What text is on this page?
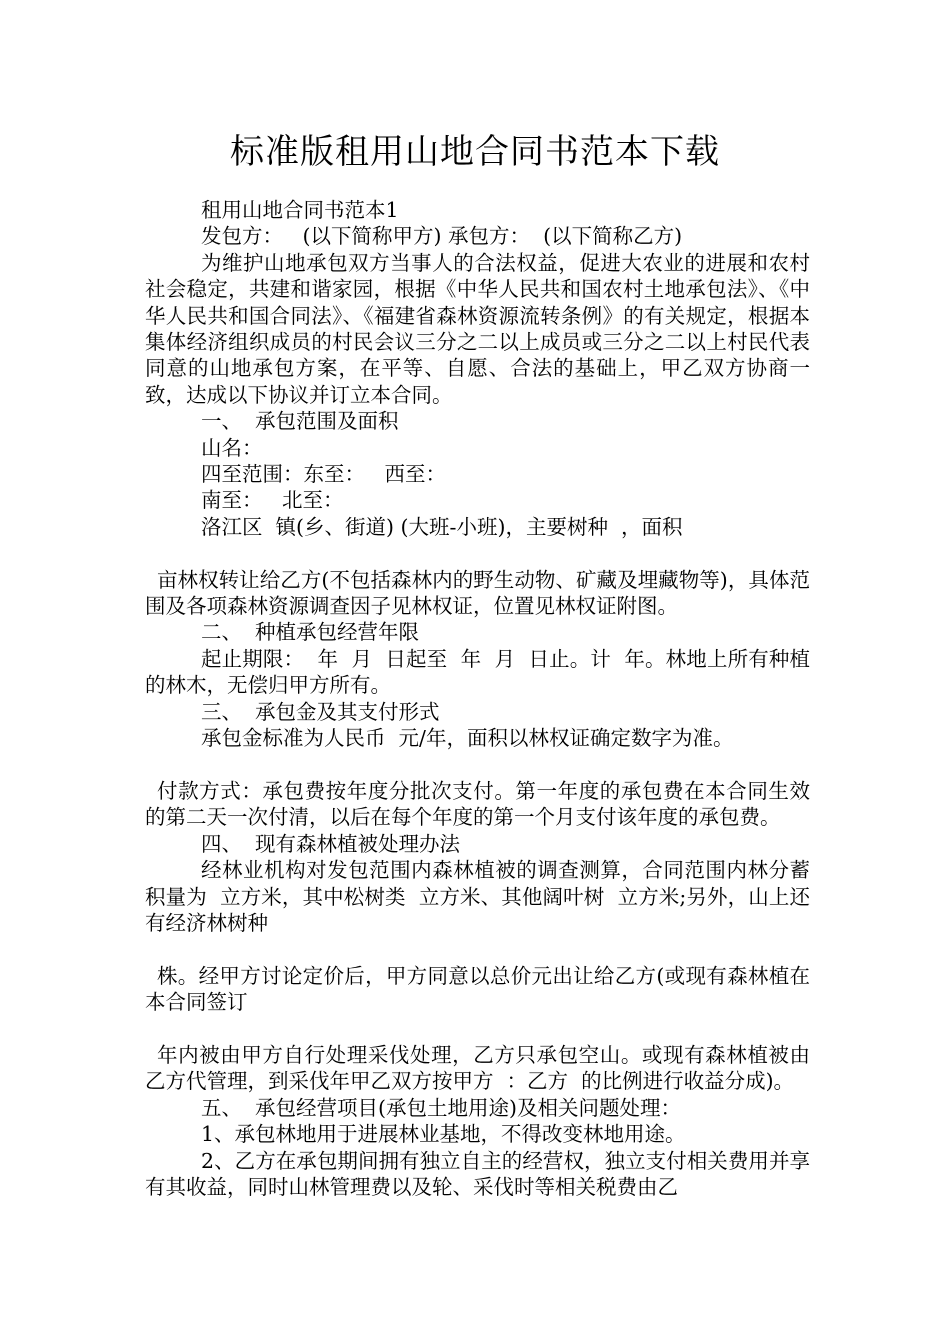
标准版租用山地合同书范本下载

租用山地合同书范本1

发包方：   (以下简称甲方) 承包方：  (以下简称乙方)

为维护山地承包双方当事人的合法权益，促进大农业的进展和农村社会稳定，共建和谐家园，根据《中华人民共和国农村土地承包法》、《中华人民共和国合同法》、《福建省森林资源流转条例》的有关规定，根据本集体经济组织成员的村民会议三分之二以上成员或三分之二以上村民代表同意的山地承包方案，在平等、自愿、合法的基础上，甲乙双方协商一致，达成以下协议并订立本合同。

一、  承包范围及面积

山名：

四至范围：东至：   西至：

南至：   北至：

洛江区  镇(乡、街道) (大班-小班)，主要树种  ，面积

亩林权转让给乙方(不包括森林内的野生动物、矿藏及埋藏物等)，具体范围及各项森林资源调查因子见林权证，位置见林权证附图。

二、  种植承包经营年限

起止期限：  年  月  日起至  年  月  日止。计  年。林地上所有种植的林木，无偿归甲方所有。

三、  承包金及其支付形式

承包金标准为人民币  元/年，面积以林权证确定数字为准。

付款方式：承包费按年度分批次支付。第一年度的承包费在本合同生效的第二天一次付清，以后在每个年度的第一个月支付该年度的承包费。

四、  现有森林植被处理办法

经林业机构对发包范围内森林植被的调查测算，合同范围内林分蓄积量为  立方米，其中松树类  立方米、其他阔叶树  立方米;另外，山上还有经济林树种

株。经甲方讨论定价后，甲方同意以总价元出让给乙方(或现有森林植在本合同签订

年内被由甲方自行处理采伐处理，乙方只承包空山。或现有森林植被由乙方代管理，到采伐年甲乙双方按甲方  ：乙方  的比例进行收益分成)。

五、  承包经营项目(承包土地用途)及相关问题处理：

1、承包林地用于进展林业基地，不得改变林地用途。

2、乙方在承包期间拥有独立自主的经营权，独立支付相关费用并享有其收益，同时山林管理费以及轮、采伐时等相关税费由乙
